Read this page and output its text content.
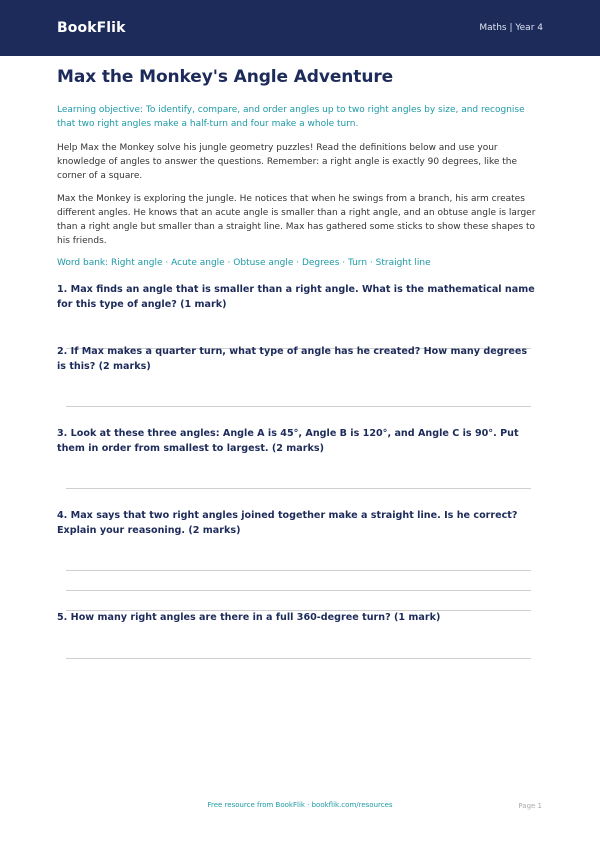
BookFlik	Maths | Year 4
Max the Monkey's Angle Adventure
Learning objective: To identify, compare, and order angles up to two right angles by size, and recognise that two right angles make a half-turn and four make a whole turn.
Help Max the Monkey solve his jungle geometry puzzles! Read the definitions below and use your knowledge of angles to answer the questions. Remember: a right angle is exactly 90 degrees, like the corner of a square.
Max the Monkey is exploring the jungle. He notices that when he swings from a branch, his arm creates different angles. He knows that an acute angle is smaller than a right angle, and an obtuse angle is larger than a right angle but smaller than a straight line. Max has gathered some sticks to show these shapes to his friends.
Word bank: Right angle · Acute angle · Obtuse angle · Degrees · Turn · Straight line
1. Max finds an angle that is smaller than a right angle. What is the mathematical name for this type of angle? (1 mark)
2. If Max makes a quarter turn, what type of angle has he created? How many degrees is this? (2 marks)
3. Look at these three angles: Angle A is 45°, Angle B is 120°, and Angle C is 90°. Put them in order from smallest to largest. (2 marks)
4. Max says that two right angles joined together make a straight line. Is he correct? Explain your reasoning. (2 marks)
5. How many right angles are there in a full 360-degree turn? (1 mark)
Free resource from BookFlik · bookflik.com/resources	Page 1
